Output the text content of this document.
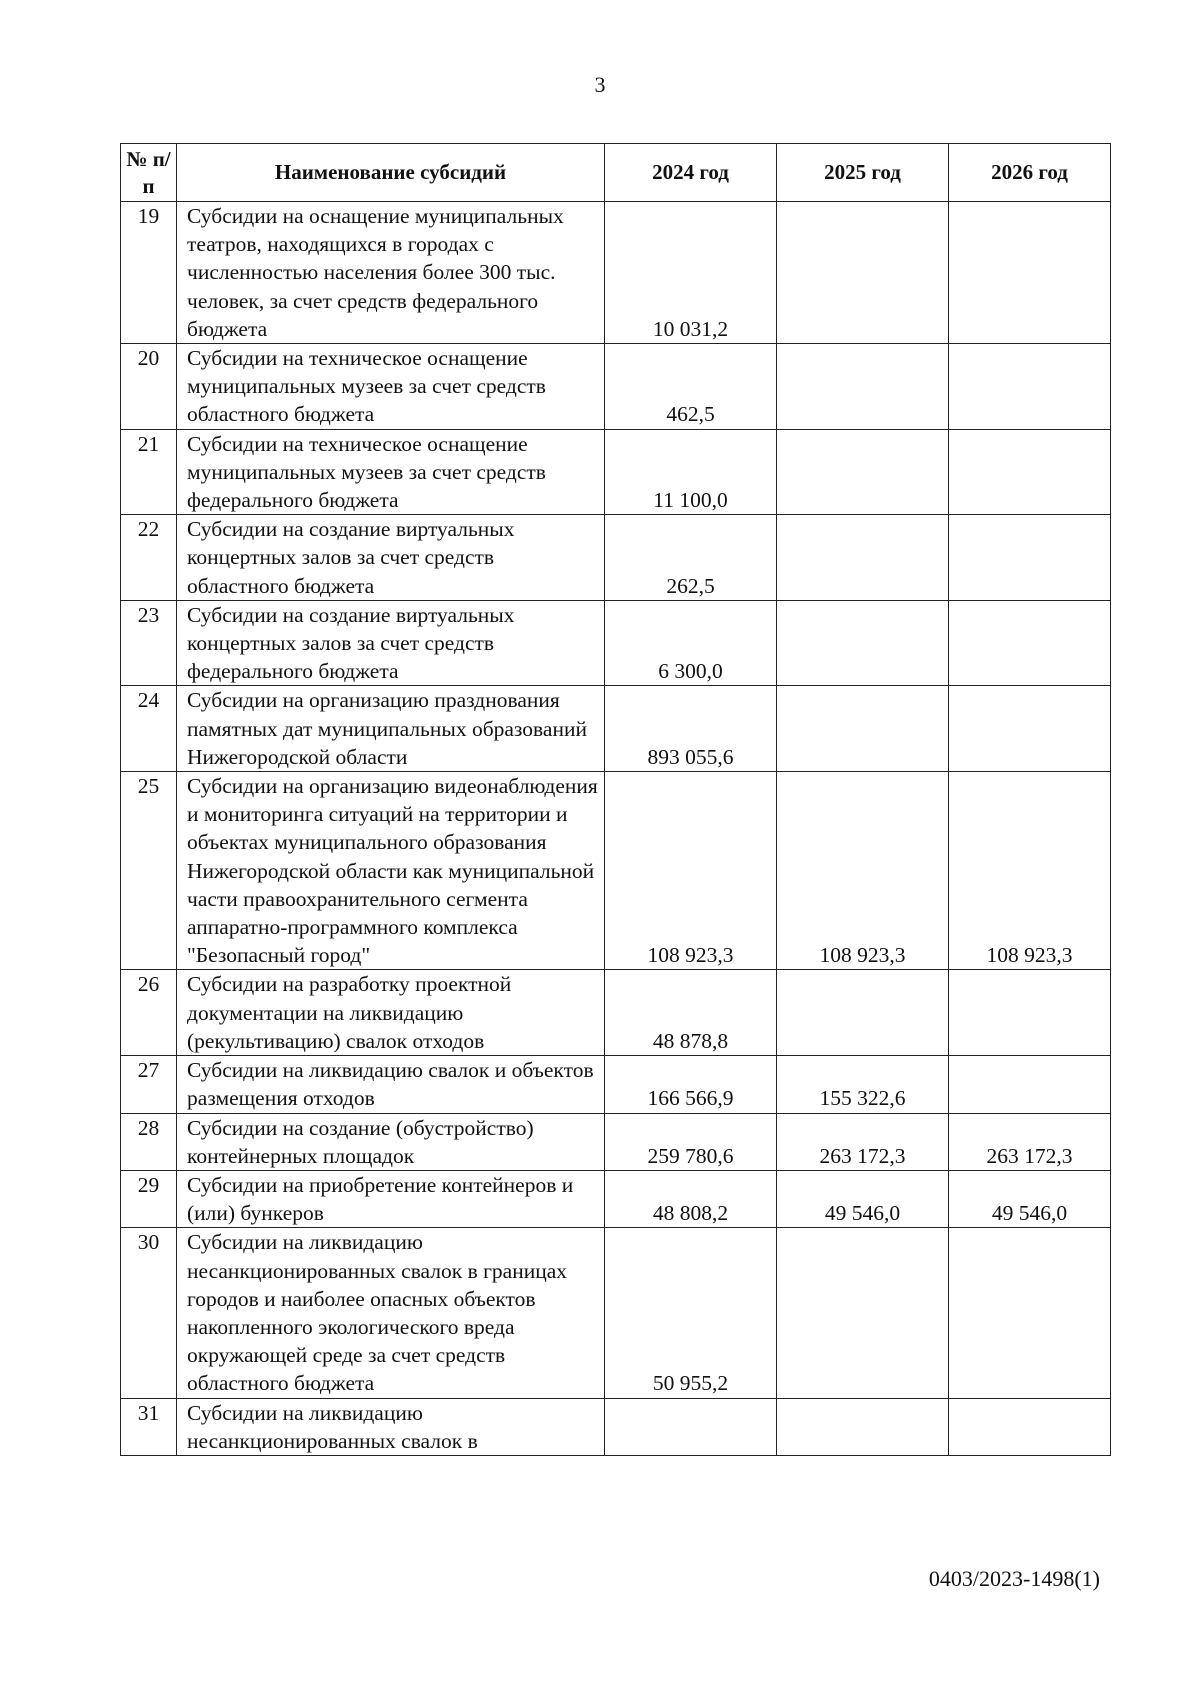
3
№ п/п	Наименование субсидий	2024 год	2025 год	2026 год
19	Субсидии на оснащение муниципальных театров, находящихся в городах с численностью населения более 300 тыс. человек, за счет средств федерального бюджета	10 031,2		
20	Субсидии на техническое оснащение муниципальных музеев за счет средств областного бюджета	462,5		
21	Субсидии на техническое оснащение муниципальных музеев за счет средств федерального бюджета	11 100,0		
22	Субсидии на создание виртуальных концертных залов за счет средств областного бюджета	262,5		
23	Субсидии на создание виртуальных концертных залов за счет средств федерального бюджета	6 300,0		
24	Субсидии на организацию празднования памятных дат муниципальных образований Нижегородской области	893 055,6		
25	Субсидии на организацию видеонаблюдения и мониторинга ситуаций на территории и объектах муниципального образования Нижегородской области как муниципальной части правоохранительного сегмента аппаратно-программного комплекса "Безопасный город"	108 923,3	108 923,3	108 923,3
26	Субсидии на разработку проектной документации на ликвидацию (рекультивацию) свалок отходов	48 878,8		
27	Субсидии на ликвидацию свалок и объектов размещения отходов	166 566,9	155 322,6	
28	Субсидии на создание (обустройство) контейнерных площадок	259 780,6	263 172,3	263 172,3
29	Субсидии на приобретение контейнеров и (или) бункеров	48 808,2	49 546,0	49 546,0
30	Субсидии на ликвидацию несанкционированных свалок в границах городов и наиболее опасных объектов накопленного экологического вреда окружающей среде за счет средств областного бюджета	50 955,2		
31	Субсидии на ликвидацию несанкционированных свалок в			
0403/2023-1498(1)
